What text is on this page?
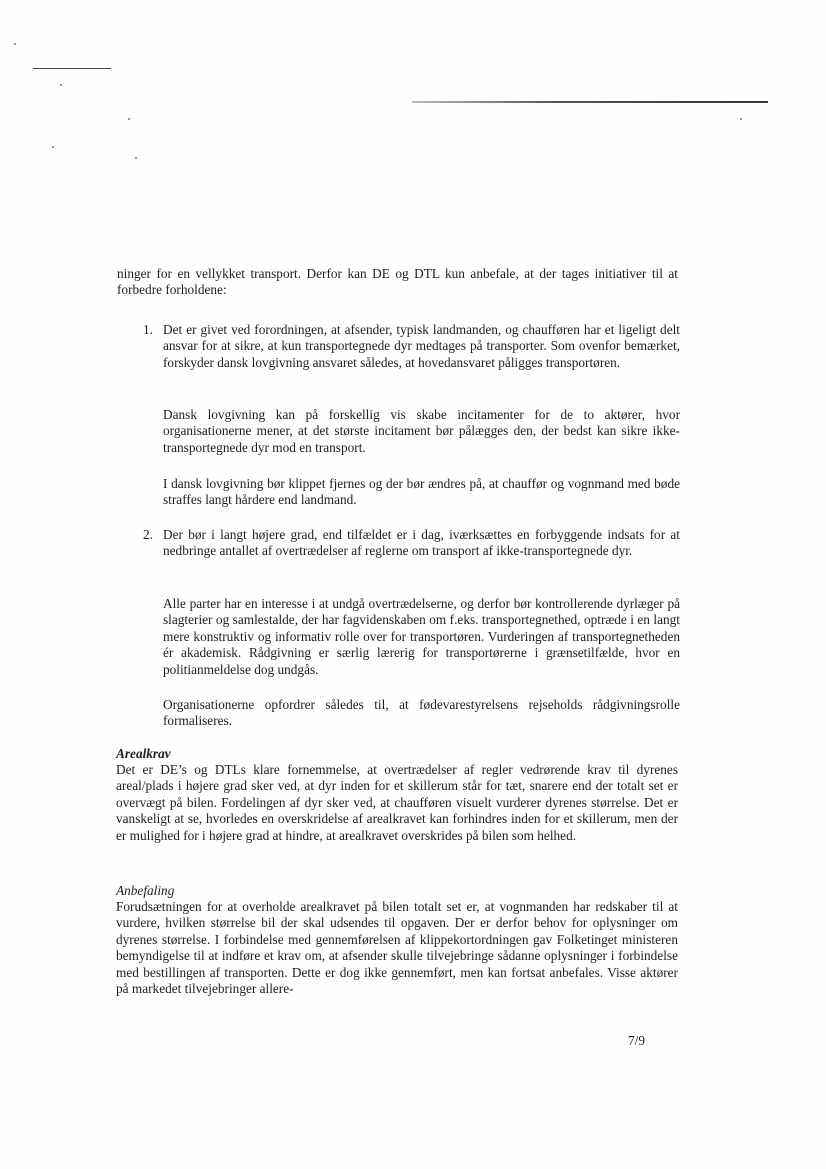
ninger for en vellykket transport. Derfor kan DE og DTL kun anbefale, at der tages initiativer til at forbedre forholdene:

1. Det er givet ved forordningen, at afsender, typisk landmanden, og chaufføren har et ligeligt delt ansvar for at sikre, at kun transportegnede dyr medtages på transporter. Som ovenfor bemærket, forskyder dansk lovgivning ansvaret således, at hovedansvaret påligges transportøren.

Dansk lovgivning kan på forskellig vis skabe incitamenter for de to aktører, hvor organisationerne mener, at det største incitament bør pålægges den, der bedst kan sikre ikke-transportegnede dyr mod en transport.

I dansk lovgivning bør klippet fjernes og der bør ændres på, at chauffør og vognmand med bøde straffes langt hårdere end landmand.

2. Der bør i langt højere grad, end tilfældet er i dag, iværksættes en forbyggende indsats for at nedbringe antallet af overtrædelser af reglerne om transport af ikke-transportegnede dyr.

Alle parter har en interesse i at undgå overtrædelserne, og derfor bør kontrollerende dyrlæger på slagterier og samlestalde, der har fagvidenskaben om f.eks. transportegnethed, optræde i en langt mere konstruktiv og informativ rolle over for transportøren. Vurderingen af transportegnetheden ér akademisk. Rådgivning er særlig lærerig for transportørerne i grænsetilfælde, hvor en politianmeldelse dog undgås.

Organisationerne opfordrer således til, at fødevarestyrelsens rejseholds rådgivningsrolle formaliseres.

Arealkrav

Det er DE’s og DTLs klare fornemmelse, at overtrædelser af regler vedrørende krav til dyrenes areal/plads i højere grad sker ved, at dyr inden for et skillerum står for tæt, snarere end der totalt set er overvægt på bilen. Fordelingen af dyr sker ved, at chaufføren visuelt vurderer dyrenes størrelse. Det er vanskeligt at se, hvorledes en overskridelse af arealkravet kan forhindres inden for et skillerum, men der er mulighed for i højere grad at hindre, at arealkravet overskrides på bilen som helhed.

Anbefaling

Forudsætningen for at overholde arealkravet på bilen totalt set er, at vognmanden har redskaber til at vurdere, hvilken størrelse bil der skal udsendes til opgaven. Der er derfor behov for oplysninger om dyrenes størrelse. I forbindelse med gennemførelsen af klippekortordningen gav Folketinget ministeren bemyndigelse til at indføre et krav om, at afsender skulle tilvejebringe sådanne oplysninger i forbindelse med bestillingen af transporten. Dette er dog ikke gennemført, men kan fortsat anbefales. Visse aktører på markedet tilvejebringer allere-

7/9
